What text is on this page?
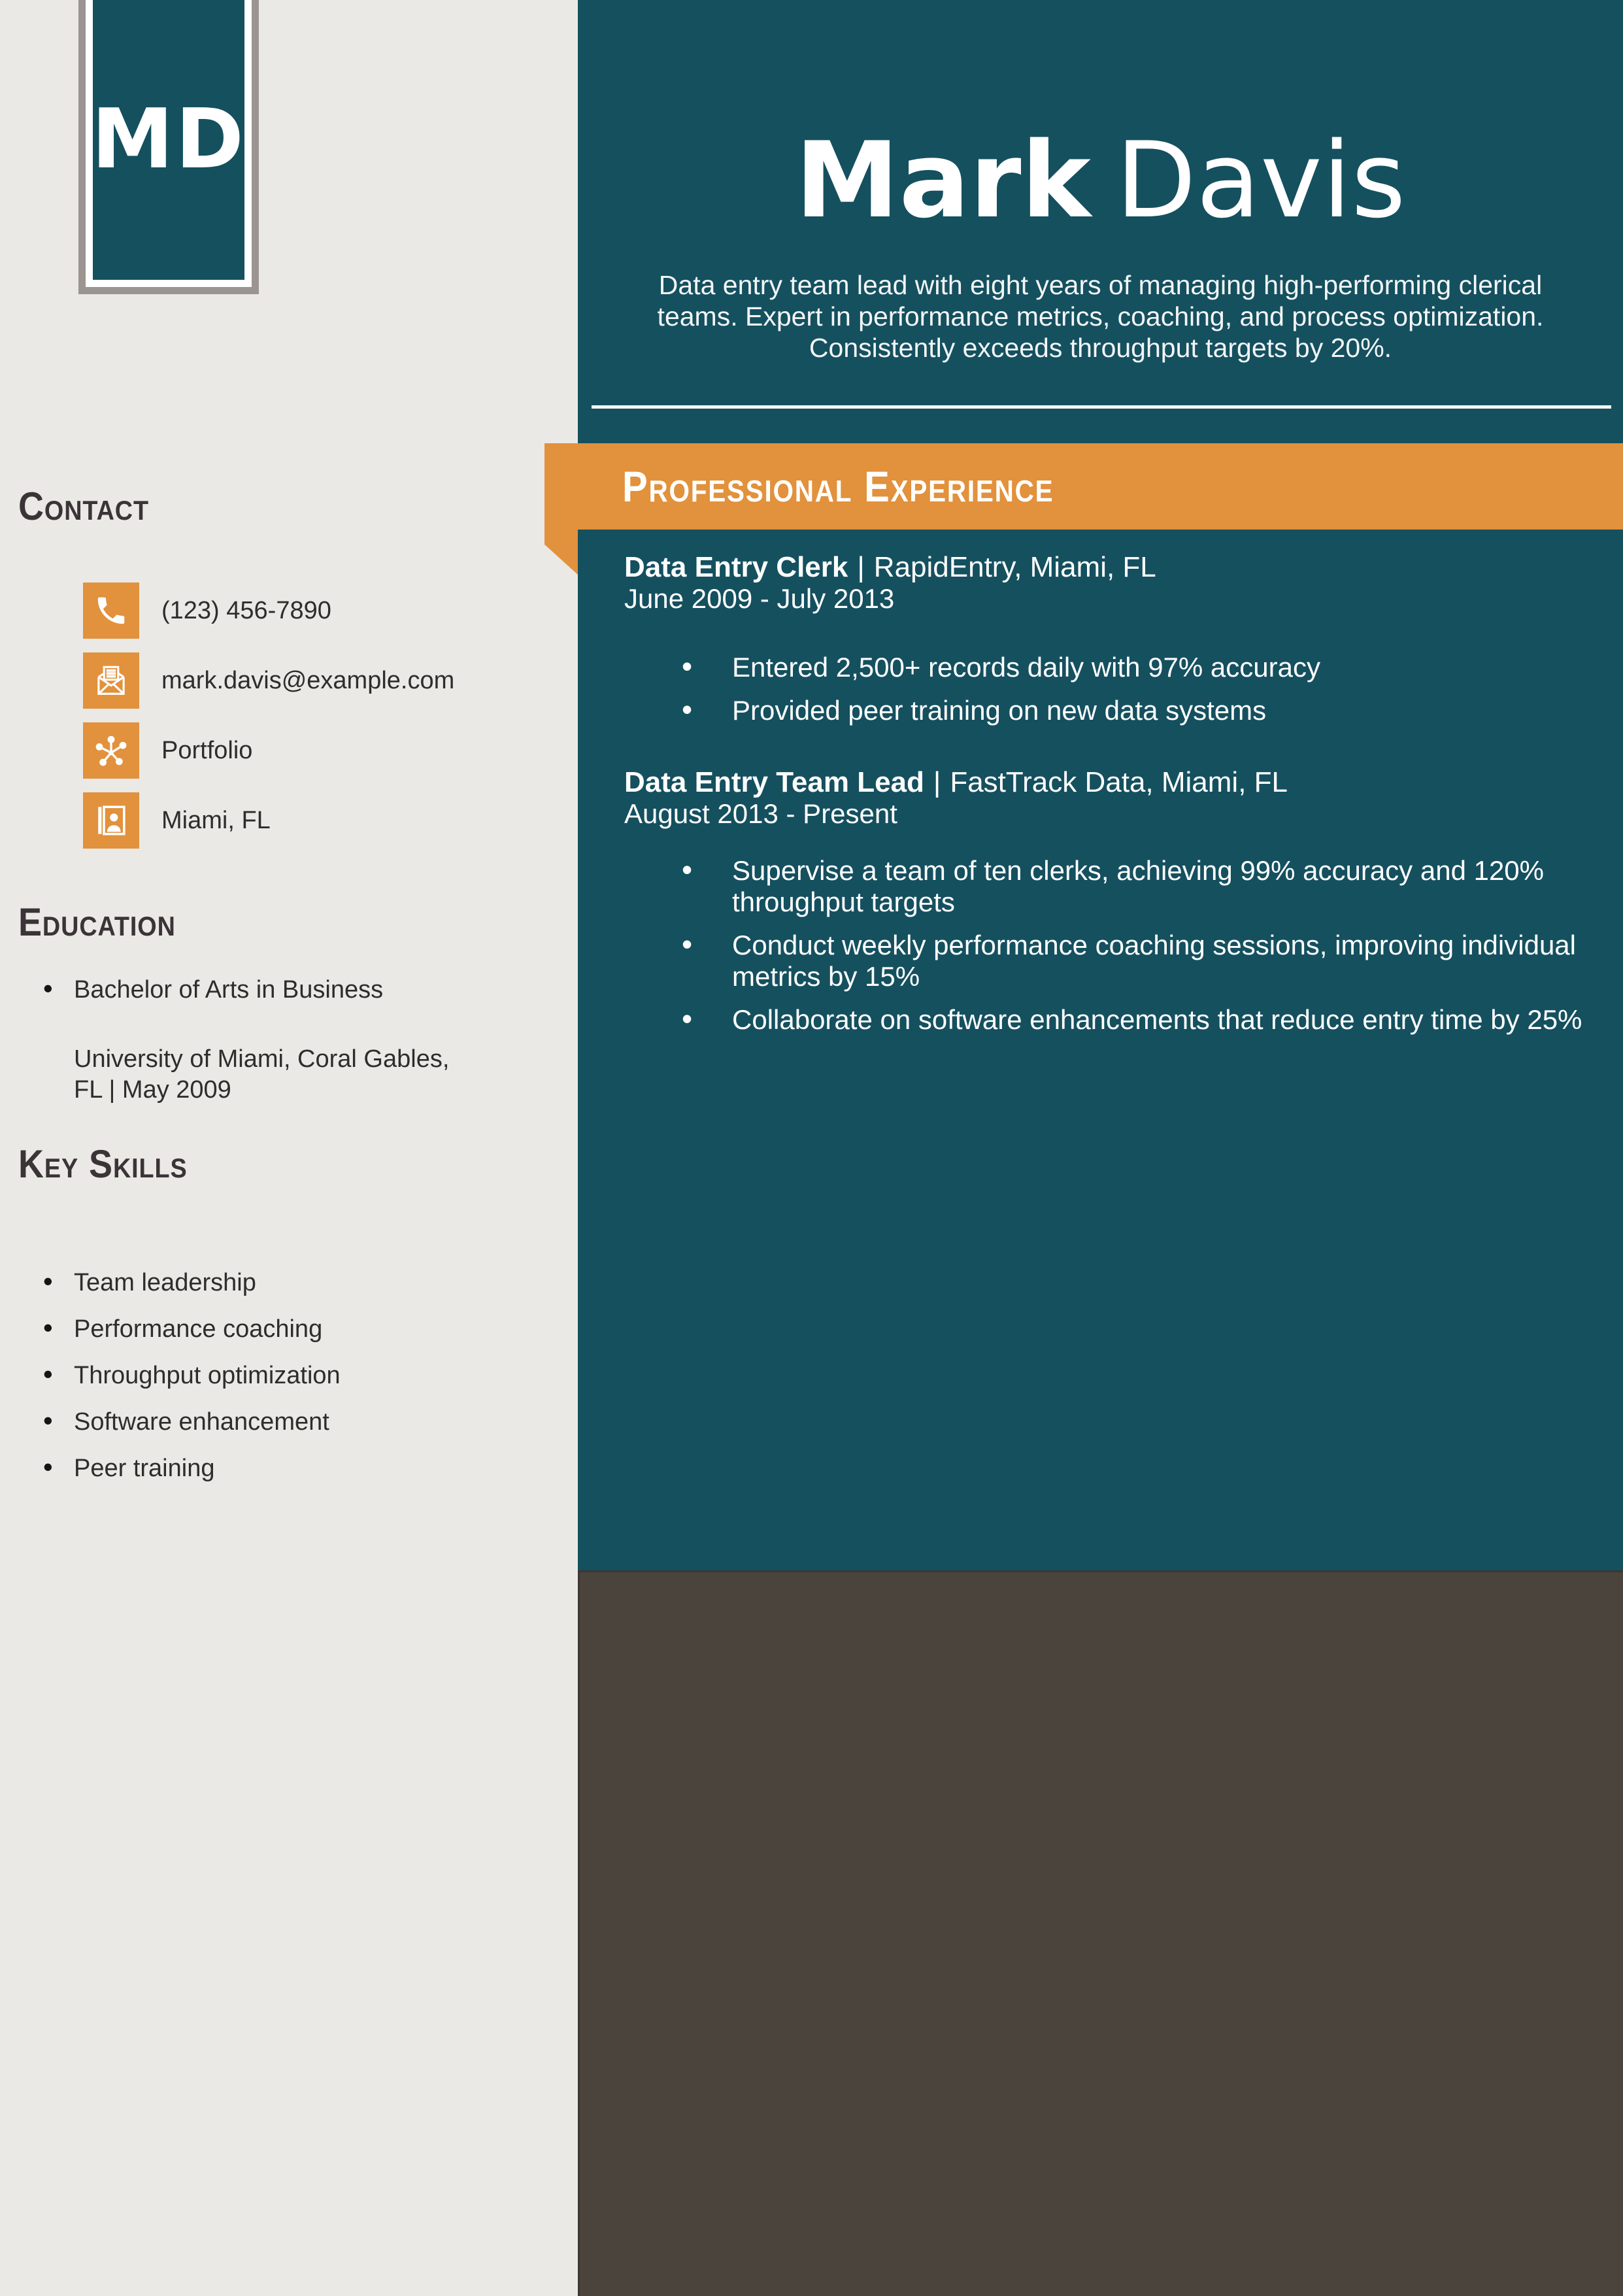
Mark Davis

Data entry team lead with eight years of managing high-performing clerical teams. Expert in performance metrics, coaching, and process optimization. Consistently exceeds throughput targets by 20%.

Data Entry Clerk | RapidEntry, Miami, FL
June 2009 - July 2013
• Entered 2,500+ records daily with 97% accuracy
• Provided peer training on new data systems
Data Entry Team Lead | FastTrack Data, Miami, FL
August 2013 - Present
• Supervise a team of ten clerks, achieving 99% accuracy and 120% throughput targets
• Conduct weekly performance coaching sessions, improving individual metrics by 15%
• Collaborate on software enhancements that reduce entry time by 25%
Professional Experience
MD
Contact
(123) 456-7890
mark.davis@example.com
Portfolio
Miami, FL
Education
• Bachelor of Arts in Business
University of Miami, Coral Gables,
FL | May 2009
Key Skills
• Team leadership
• Performance coaching
• Throughput optimization
• Software enhancement
• Peer training
